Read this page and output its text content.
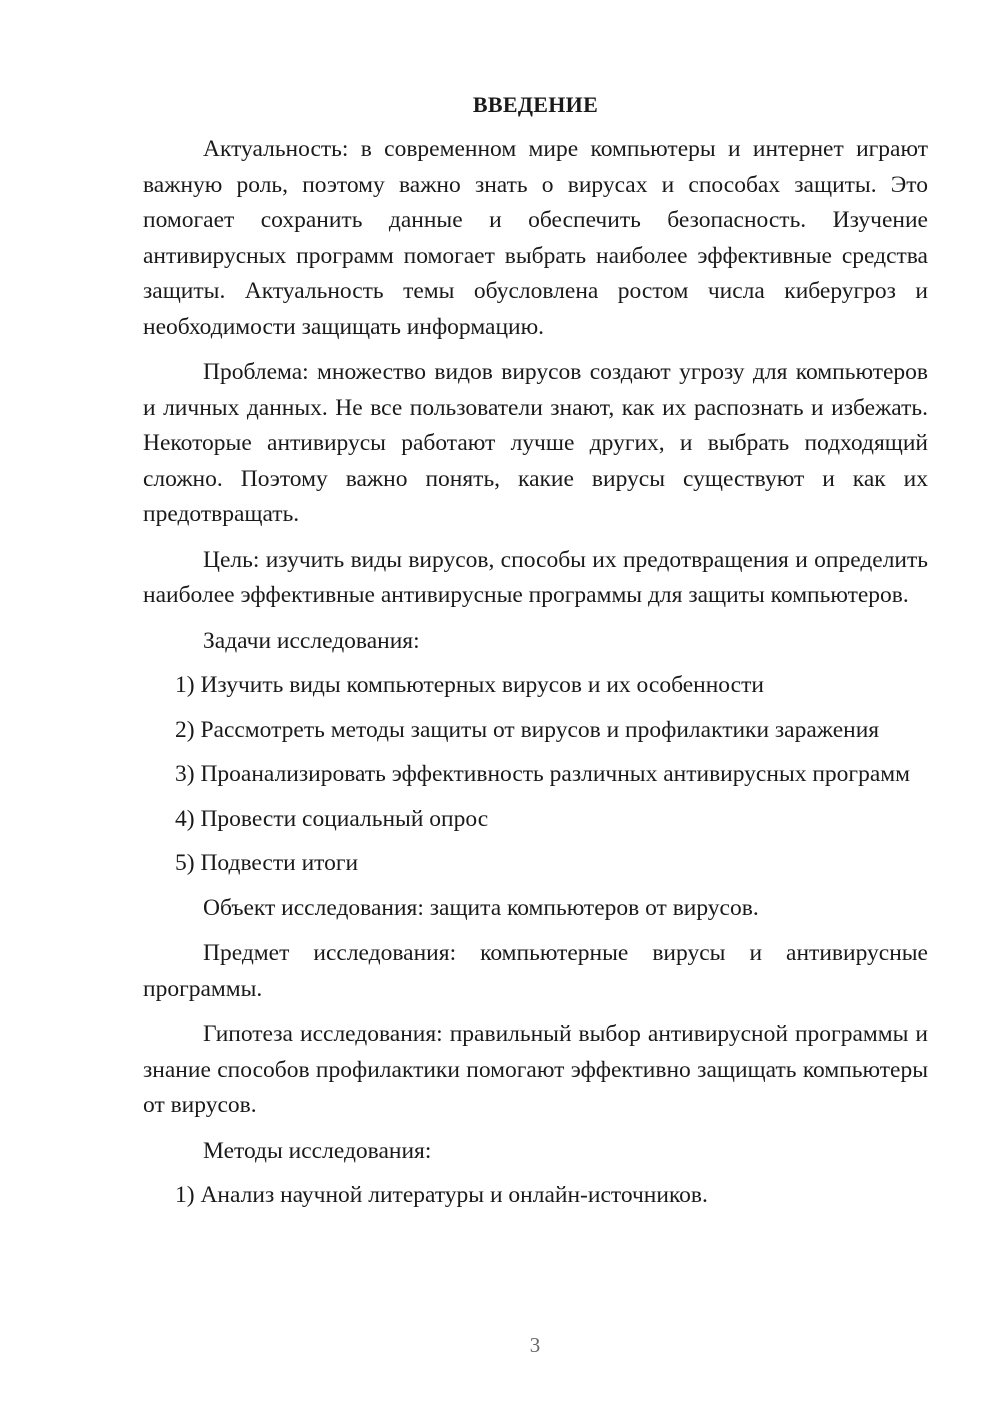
ВВЕДЕНИЕ

Актуальность: в современном мире компьютеры и интернет играют важную роль, поэтому важно знать о вирусах и способах защиты. Это помогает сохранить данные и обеспечить безопасность. Изучение антивирусных программ помогает выбрать наиболее эффективные средства защиты. Актуальность темы обусловлена ростом числа киберугроз и необходимости защищать информацию.

Проблема: множество видов вирусов создают угрозу для компьютеров и личных данных. Не все пользователи знают, как их распознать и избежать. Некоторые антивирусы работают лучше других, и выбрать подходящий сложно. Поэтому важно понять, какие вирусы существуют и как их предотвращать.

Цель: изучить виды вирусов, способы их предотвращения и определить наиболее эффективные антивирусные программы для защиты компьютеров.

Задачи исследования:

1) Изучить виды компьютерных вирусов и их особенности

2) Рассмотреть методы защиты от вирусов и профилактики заражения

3) Проанализировать эффективность различных антивирусных программ

4) Провести социальный опрос

5) Подвести итоги

Объект исследования: защита компьютеров от вирусов.

Предмет исследования: компьютерные вирусы и антивирусные программы.

Гипотеза исследования: правильный выбор антивирусной программы и знание способов профилактики помогают эффективно защищать компьютеры от вирусов.

Методы исследования:

1) Анализ научной литературы и онлайн-источников.

3
